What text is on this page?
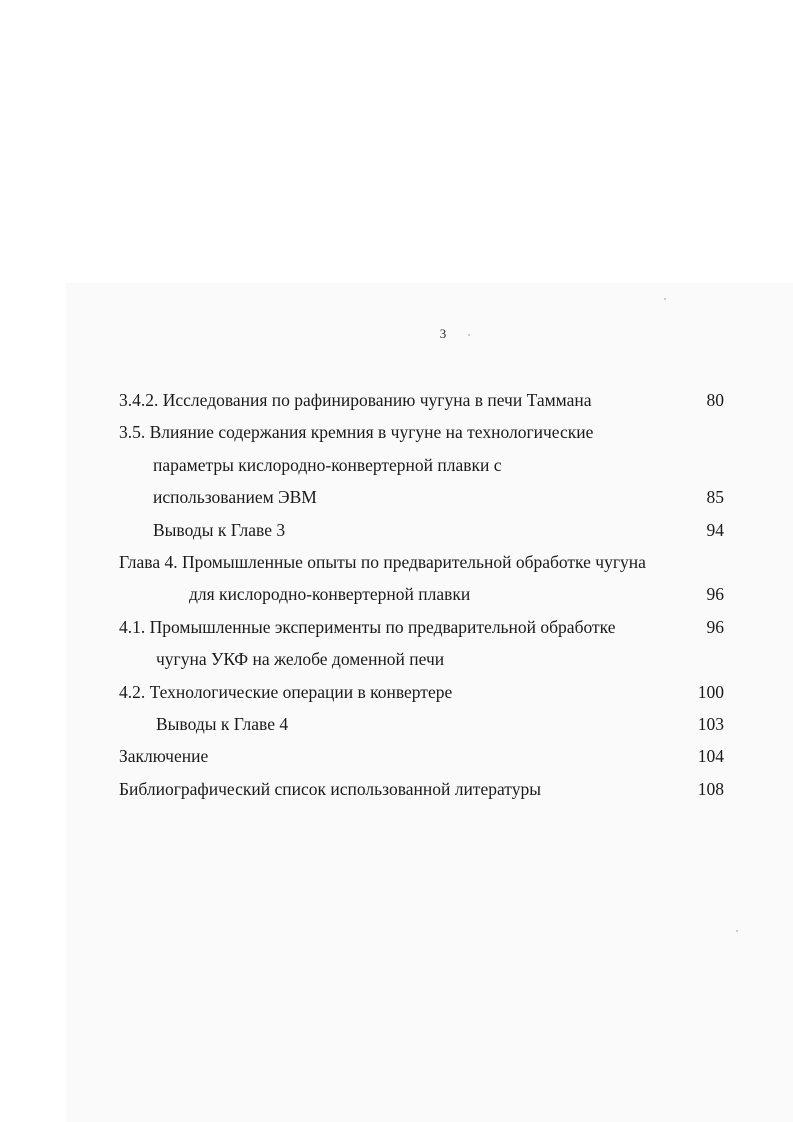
3
3.4.2. Исследования по рафинированию чугуна в печи Таммана	80
3.5. Влияние содержания кремния в чугуне на технологические
параметры кислородно-конвертерной плавки с
использованием ЭВМ	85
Выводы к Главе 3	94
Глава 4. Промышленные опыты по предварительной обработке чугуна
для кислородно-конвертерной плавки	96
4.1. Промышленные эксперименты по предварительной обработке	96
чугуна УКФ на желобе доменной печи
4.2. Технологические операции в конвертере	100
Выводы к Главе 4	103
Заключение	104
Библиографический список использованной литературы	108
